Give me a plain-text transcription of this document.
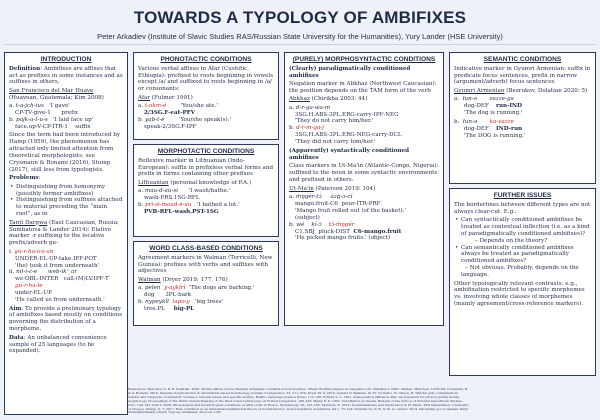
TOWARDS A TYPOLOGY OF AMBIFIXES
Peter Arkadiev (Institute of Slavic Studies RAS/Russian State University for the Humanities), Yury Lander (HSE University)
INTRODUCTION

Definition: Ambifixes are affixes that act as prefixes in some instances and as suffixes in others.

San Francisco del Mar Huave (Huavean, Guatemala; Kim 2008)

a. t-a-jch-ius 'I gave'
CP-TV-give-1 prefix
b. pajk-a-t-u-s 'I laid face up'
face.up-V-CP-ITR-1 suffix

Since the term had been introduced by Hamp (1959), the phenomenon has attracted only limited attention from theoretical morphologists, see Crysmann & Bonami (2016), Stump (2017), still less from typologists.

Problems:

• Distinguishing from homonymy (possibly former ambifixes)
• Distinguishing from suffixes attached to material preceding the “main root”, as in

Tanti Dargwa (East Caucasian, Russia; Sumbatova & Lander 2014): Elative marker -r suffixing to the locative prefix/adverb gu-

i. gu-r-ha-ics-an
UNDER-EL-UP-take.IPF-POT
'(he) took it from underneath'
ii. nil-i-c-e web-ik'_ar
we:OBL-INTER call-(M)LV.IPF-T
gu-r-ha-le
under-EL-UP
'He called us from underneath.'

Aim: To provide a preliminary typology of ambifixes based mostly on conditions governing the distribution of a morpheme.

Data: An unbalanced convenience sample of 25 languages (to be expanded).

PHONOTACTIC CONDITIONS

Various verbal affixes in Afar (Cushitic, Ethiopia): prefixed to roots beginning in vowels except /a/ and suffixed to roots beginning in /a/ or consonants:

Afar (Fulmer 1991)

a. t-okm-é	'You/she ate.'
2/3SG.F-eat-PFV
b. yab-t-é	'You/she speak(s).'
speak-2/3SG.F-IPF
MORPHOTACTIC CONDITIONS

Reflexive marker in Lithuanian (Indo-European): suffix in prefixless verbal forms and prefix in forms containing other prefixes

Lithuanian (personal knowledge of P.A.)

a. mau-d-au-si 'I wash/bathe.'
wash-PRS.1SG-RFL
b. pri-si-maud-ė-au 'I bathed a lot.'
PVB-RFL-wash.PST-1SG
WORD CLASS-BASED CONDITIONS

Agreement markers in Walman (Torricelli, New Guinea): prefixes with verbs and suffixes with adjectives

Walman (Dryer 2019: 177, 176)

a. pelen y-aykîrî 'The dogs are barking.'
dog 3PL-bark
b. nypeykîl lapo-y 'big trees'
tree.PL big-PL
(PURELY) MORPHOSYNTACTIC CONDITIONS

(Clearly) paradigmatically conditioned ambifixes

Negation marker in Abkhaz (Northwest Caucasian): the position depends on the TAM form of the verb

Abkhaz (Chirikba 2003: 44)

a. d-r-ga-wa-m
3SG.H.ABS-3PL.ERG-carry-IPF-NEG
'They do not carry him/her.'
b. d-r-m-ga-j
3SG.H.ABS-3PL.ERG-NEG-carry-DCL
'They did not carry him/her.'

(Apparently) syntactically conditioned ambifixes

Class markers in Ut-Ma'in (Atlantic-Congo, Nigeria): suffixed to the noun in some syntactic environments and prefixed in others.

Ut-Ma'in (Paterson 2019: 104)

a. m̀ŋɡér-tɔ̀ ázɡ̀-ɔ-cı́
mango.fruit-C6 pour-ITR-PRF
'Mango fruit rolled out (of the basket).'
(subject)
b. wé kí-ɔ̀ tɔ̀-m̀ŋɡér
C1.SBJ pluck-DIST C6-mango.fruit
'He picked mango fruits.' (object)
SEMANTIC CONDITIONS

Indicative marker in Gyumri Armenian: suffix in predicate focus sentences, prefix in narrow (argument/adverb) focus sentences

Gyumri Armenian (Bezrukov, Dolatian 2020: 5)

a. łun-ə vazze-ga
dog-DEF run-IND
'The dog is running.'
b. łun-ə ka-vazze
dog-DEF IND-run
'The DOG is running.'
FURTHER ISSUES

The borderlines between different types are not always clear-cut. E.g.:

• Can syntactically conditioned ambifixes be treated as contextual inflection (i.e. as a kind of paradigmatically conditioned ambifixes)?
– Depends on the theory?
• Can semantically conditioned ambifixes always be treated as paradigmatically conditioned ambifixes?
– Not obvious. Probably, depends on the language.

Other typologically relevant contrasts: e.g., ambifixation restricted to specific morphemes vs. involving whole classes of morphemes (mainly agreement/cross-reference markers).

References: Bezrukov N. & H. Dolatian. 2020. Mobile affixes across Western Armenian: Conflicts across modules. UPenn Working Papers in Linguistics 26; Chirikba V. 2003. Abkhaz. München: LINCOM; Crysmann, B. & O. Bonami. 2016. Variable morphotactics in information-based morphology. Journal of Linguistics, 52, 311–374; Dryer M. S. 2019. Gender in Walman. In: Fr. Di Garbo, B. Olsson, B. Wälchli (eds.) Grammatical Gender and Linguistic Complexity. Volume I: General issues and specific studies. Berlin: Language Science Press, 173–198; Fulmer S. L. 1991. Dual-position affixes in Afar: an argument for phonologically-driven morphology. Proceedings of the Ninth Annual Meeting of the West Coast Conference on Formal Linguistics, 189–203; Hamp E. P. 1959. Zuni-Barton pronouns. Bulletin of the School of Oriental and African Studies, 22/1, 140–141; Kim Y. 2008. Phonological and morphological conditions on affix order in Huave. Morphology, 20, 133–163; Paterson, R. 2019. Nominalizations and Predication in Ut-Ma'in. PhD Dissertation, University of Oregon; Stump, G. T. 2017. Rule conflation in an inferential-realizational theory of morphotactics. Acta Linguistica Academica, 64.1, 79–124; Sumbatova, N. R. & Ya. G. Lander. 2014. Darginskij govor selenija Tanty: Grammaticheskij ocherk. Voprosy sintaksisa. Moscow: LRC.
